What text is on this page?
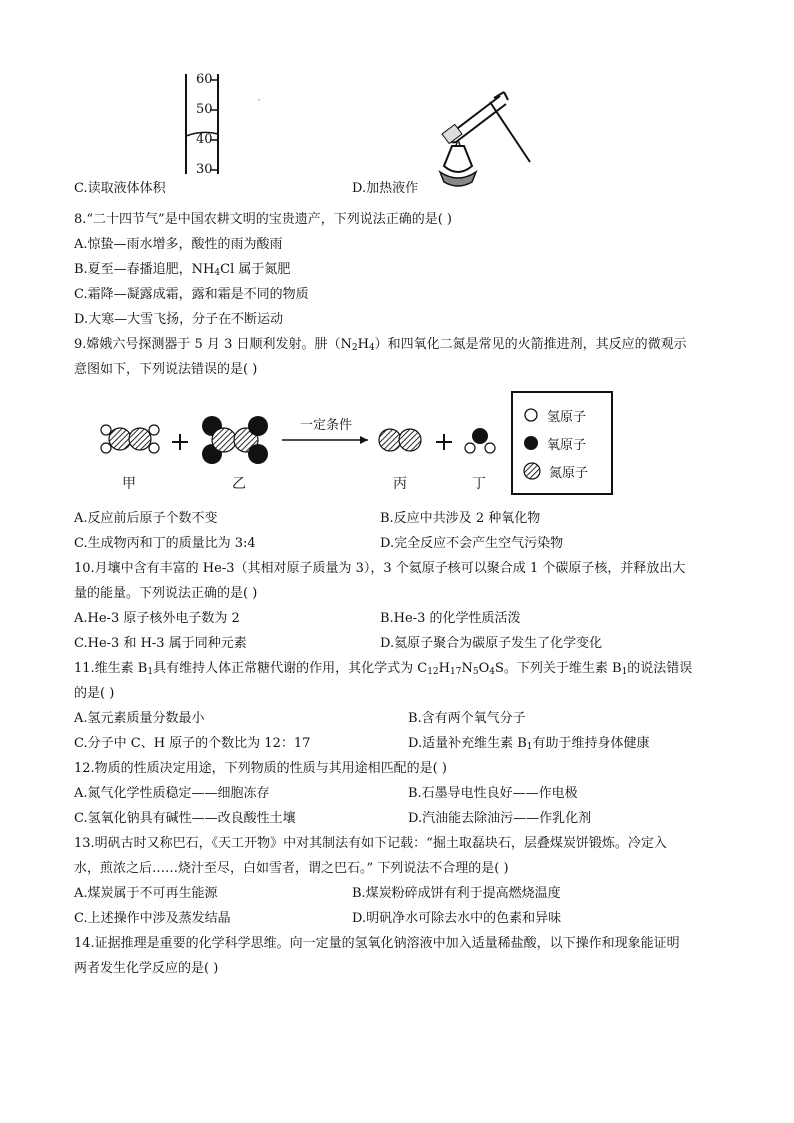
60
50
40
30
C.读取液体体积	D.加热液作
8.“二十四节气”是中国农耕文明的宝贵遗产，下列说法正确的是( )
A.惊蛰—雨水增多，酸性的雨为酸雨
B.夏至—春播追肥，$NH_4Cl$ 属于氮肥
C.霜降—凝露成霜，露和霜是不同的物质
D.大寒—大雪飞扬，分子在不断运动
9.嫦娥六号探测器于 5 月 3 日顺利发射。肼$(N_2H_4)$和四氧化二氮是常见的火箭推进剂，其反应的微观示
意图如下，下列说法错误的是( )
一定条件
甲	乙	丙	丁
氢原子
氧原子
氮原子
A.反应前后原子个数不变	B.反应中共涉及 2 种氧化物
C.生成物丙和丁的质量比为 3:4	D.完全反应不会产生空气污染物
10.月壤中含有丰富的 He-3（其相对原子质量为 3），3 个氦原子核可以聚合成 1 个碳原子核，并释放出大
量的能量。下列说法正确的是( )
A.He-3 原子核外电子数为 2	B.He-3 的化学性质活泼
C.He-3 和 H-3 属于同种元素	D.氦原子聚合为碳原子发生了化学变化
11.维生素 $B_1$具有维持人体正常糖代谢的作用，其化学式为 $C_{12}H_{17}N_5O_4S$。下列关于维生素 $B_1$的说法错误
的是( )
A.氢元素质量分数最小	B.含有两个氧气分子
C.分子中 C、H 原子的个数比为 12：17	D.适量补充维生素 $B_1$有助于维持身体健康
12.物质的性质决定用途，下列物质的性质与其用途相匹配的是( )
A.氮气化学性质稳定——细胞冻存	B.石墨导电性良好——作电极
C.氢氧化钠具有碱性——改良酸性土壤	D.汽油能去除油污——作乳化剂
13.明矾古时又称巴石，《天工开物》中对其制法有如下记载：“掘土取磊块石，层叠煤炭饼锻炼。冷定入
水，煎浓之后……烧汁至尽，白如雪者，谓之巴石。” 下列说法不合理的是( )
A.煤炭属于不可再生能源	B.煤炭粉碎成饼有利于提高燃烧温度
C.上述操作中涉及蒸发结晶	D.明矾净水可除去水中的色素和异味
14.证据推理是重要的化学科学思维。向一定量的氢氧化钠溶液中加入适量稀盐酸，以下操作和现象能证明
两者发生化学反应的是( )
